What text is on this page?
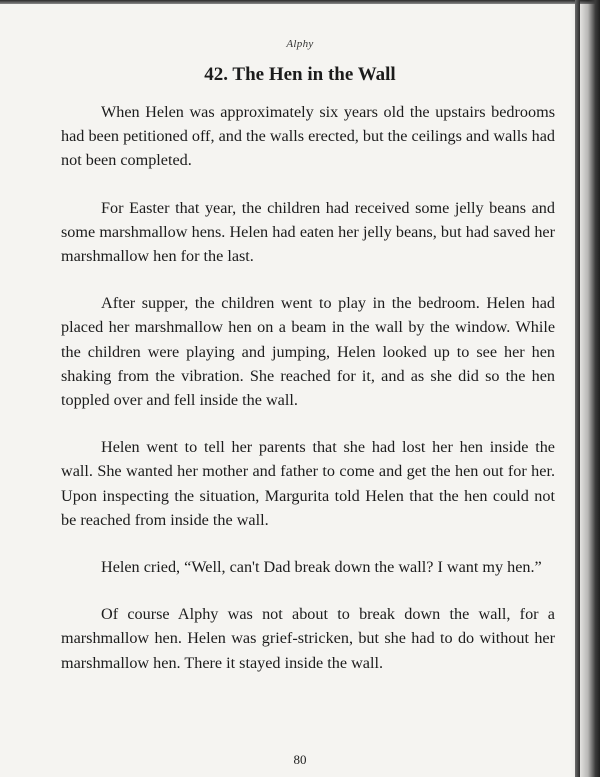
Alphy
42. The Hen in the Wall

When Helen was approximately six years old the upstairs bedrooms had been petitioned off, and the walls erected, but the ceilings and walls had not been completed.

For Easter that year, the children had received some jelly beans and some marshmallow hens. Helen had eaten her jelly beans, but had saved her marshmallow hen for the last.

After supper, the children went to play in the bedroom. Helen had placed her marshmallow hen on a beam in the wall by the window. While the children were playing and jumping, Helen looked up to see her hen shaking from the vibration. She reached for it, and as she did so the hen toppled over and fell inside the wall.

Helen went to tell her parents that she had lost her hen inside the wall. She wanted her mother and father to come and get the hen out for her. Upon inspecting the situation, Margurita told Helen that the hen could not be reached from inside the wall.

Helen cried, “Well, can't Dad break down the wall? I want my hen.”

Of course Alphy was not about to break down the wall, for a marshmallow hen. Helen was grief-stricken, but she had to do without her marshmallow hen. There it stayed inside the wall.

80
